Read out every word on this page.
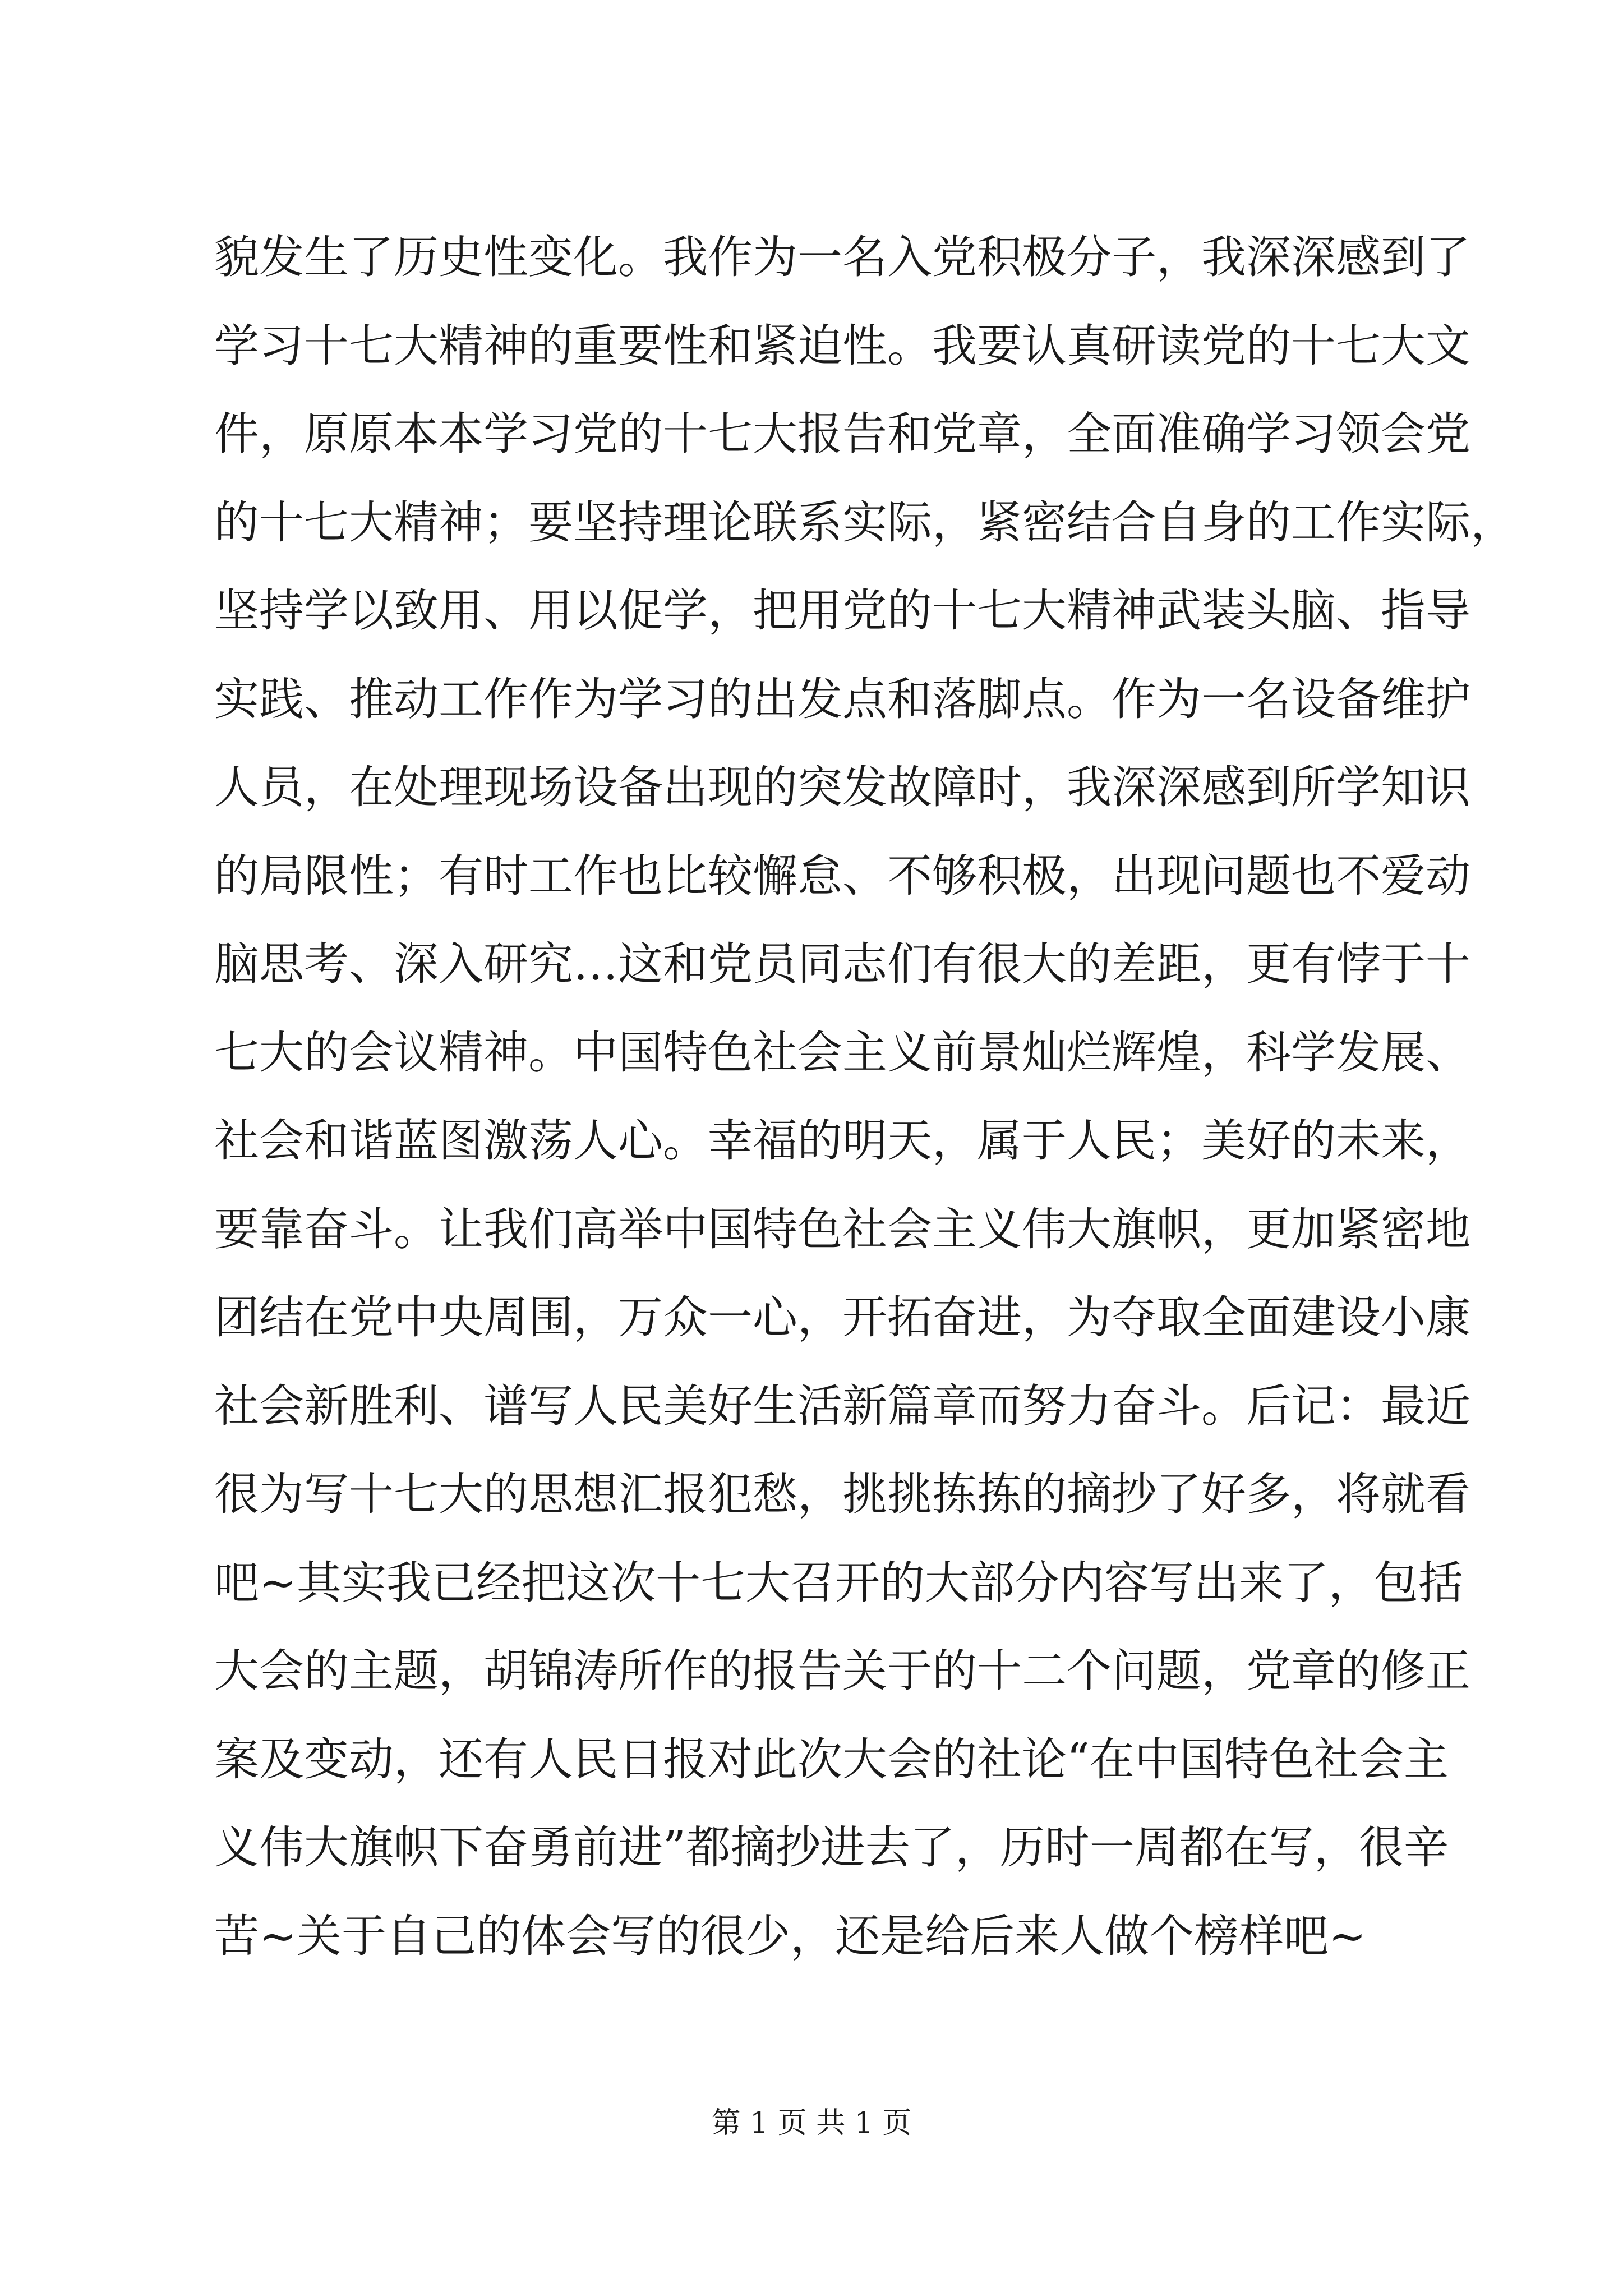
貌发生了历史性变化。我作为一名入党积极分子，我深深感到了
学习十七大精神的重要性和紧迫性。我要认真研读党的十七大文
件，原原本本学习党的十七大报告和党章，全面准确学习领会党
的十七大精神；要坚持理论联系实际，紧密结合自身的工作实际，
坚持学以致用、用以促学，把用党的十七大精神武装头脑、指导
实践、推动工作作为学习的出发点和落脚点。作为一名设备维护
人员，在处理现场设备出现的突发故障时，我深深感到所学知识
的局限性；有时工作也比较懈怠、不够积极，出现问题也不爱动
脑思考、深入研究…这和党员同志们有很大的差距，更有悖于十
七大的会议精神。中国特色社会主义前景灿烂辉煌，科学发展、
社会和谐蓝图激荡人心。幸福的明天，属于人民；美好的未来，
要靠奋斗。让我们高举中国特色社会主义伟大旗帜，更加紧密地
团结在党中央周围，万众一心，开拓奋进，为夺取全面建设小康
社会新胜利、谱写人民美好生活新篇章而努力奋斗。后记：最近
很为写十七大的思想汇报犯愁，挑挑拣拣的摘抄了好多，将就看
吧~其实我已经把这次十七大召开的大部分内容写出来了，包括
大会的主题，胡锦涛所作的报告关于的十二个问题，党章的修正
案及变动，还有人民日报对此次大会的社论“在中国特色社会主
义伟大旗帜下奋勇前进”都摘抄进去了，历时一周都在写，很辛
苦~关于自己的体会写的很少，还是给后来人做个榜样吧~
第 1 页 共 1 页
